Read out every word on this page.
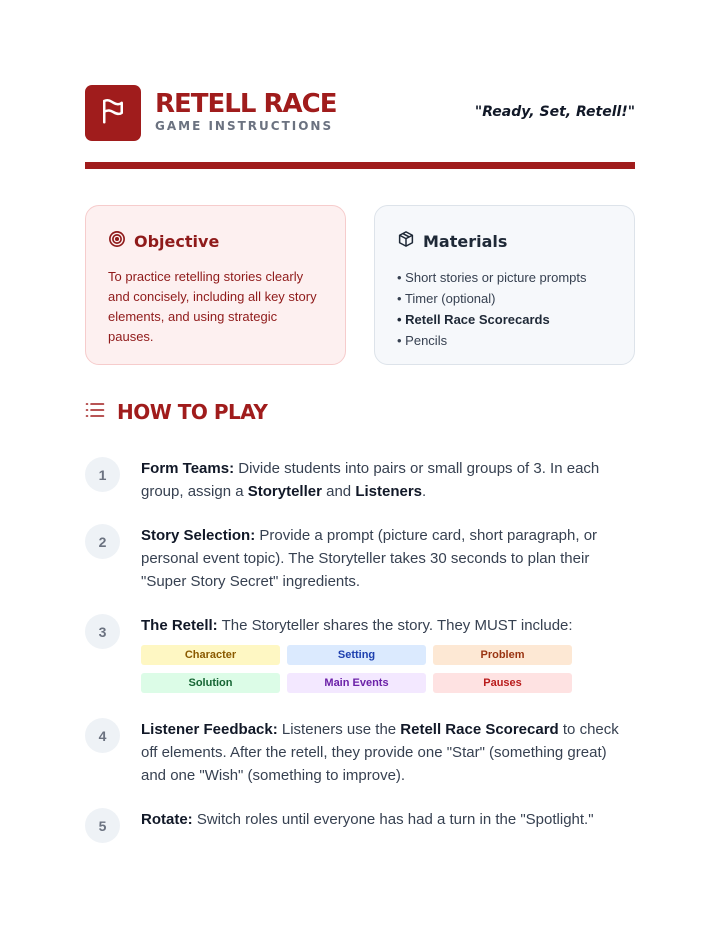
RETELL RACE
GAME INSTRUCTIONS
"Ready, Set, Retell!"
Objective

To practice retelling stories clearly and concisely, including all key story elements, and using strategic pauses.

Materials
• Short stories or picture prompts
• Timer (optional)
• Retell Race Scorecards
• Pencils
HOW TO PLAY
1	Form Teams: Divide students into pairs or small groups of 3. In each group, assign a Storyteller and Listeners.

2	Story Selection: Provide a prompt (picture card, short paragraph, or personal event topic). The Storyteller takes 30 seconds to plan their "Super Story Secret" ingredients.

3	The Retell: The Storyteller shares the story. They MUST include:

Character	Setting	Problem
Solution	Main Events	Pauses
4	Listener Feedback: Listeners use the Retell Race Scorecard to check off elements. After the retell, they provide one "Star" (something great) and one "Wish" (something to improve).

5	Rotate: Switch roles until everyone has had a turn in the "Spotlight."
